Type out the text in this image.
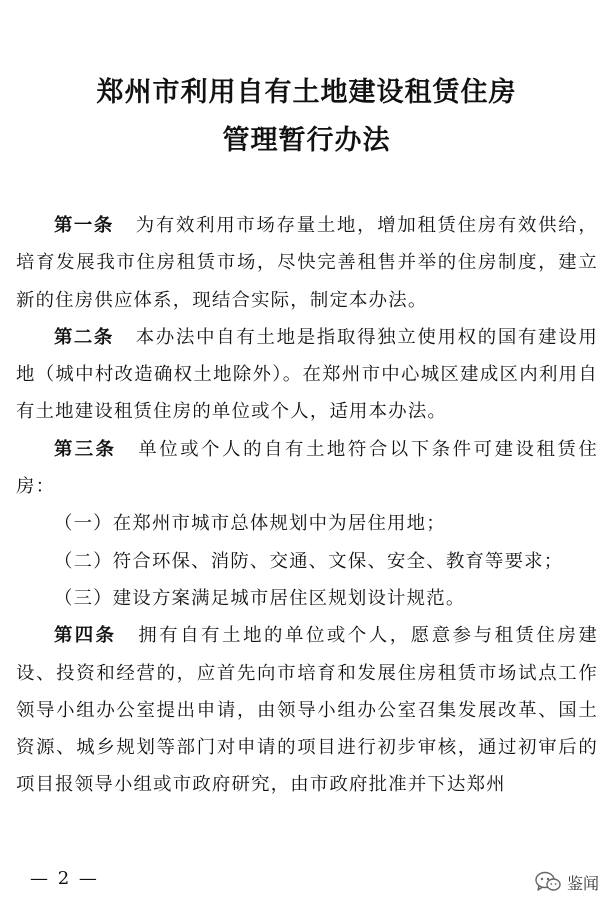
郑州市利用自有土地建设租赁住房
管理暂行办法

第一条 为有效利用市场存量土地，增加租赁住房有效供给，培育发展我市住房租赁市场，尽快完善租售并举的住房制度，建立新的住房供应体系，现结合实际，制定本办法。

第二条 本办法中自有土地是指取得独立使用权的国有建设用地（城中村改造确权土地除外）。在郑州市中心城区建成区内利用自有土地建设租赁住房的单位或个人，适用本办法。

第三条 单位或个人的自有土地符合以下条件可建设租赁住房：

（一）在郑州市城市总体规划中为居住用地；

（二）符合环保、消防、交通、文保、安全、教育等要求；

（三）建设方案满足城市居住区规划设计规范。

第四条 拥有自有土地的单位或个人，愿意参与租赁住房建设、投资和经营的，应首先向市培育和发展住房租赁市场试点工作领导小组办公室提出申请，由领导小组办公室召集发展改革、国土资源、城乡规划等部门对申请的项目进行初步审核，通过初审后的项目报领导小组或市政府研究，由市政府批准并下达郑州

— 2 —	鉴闻
